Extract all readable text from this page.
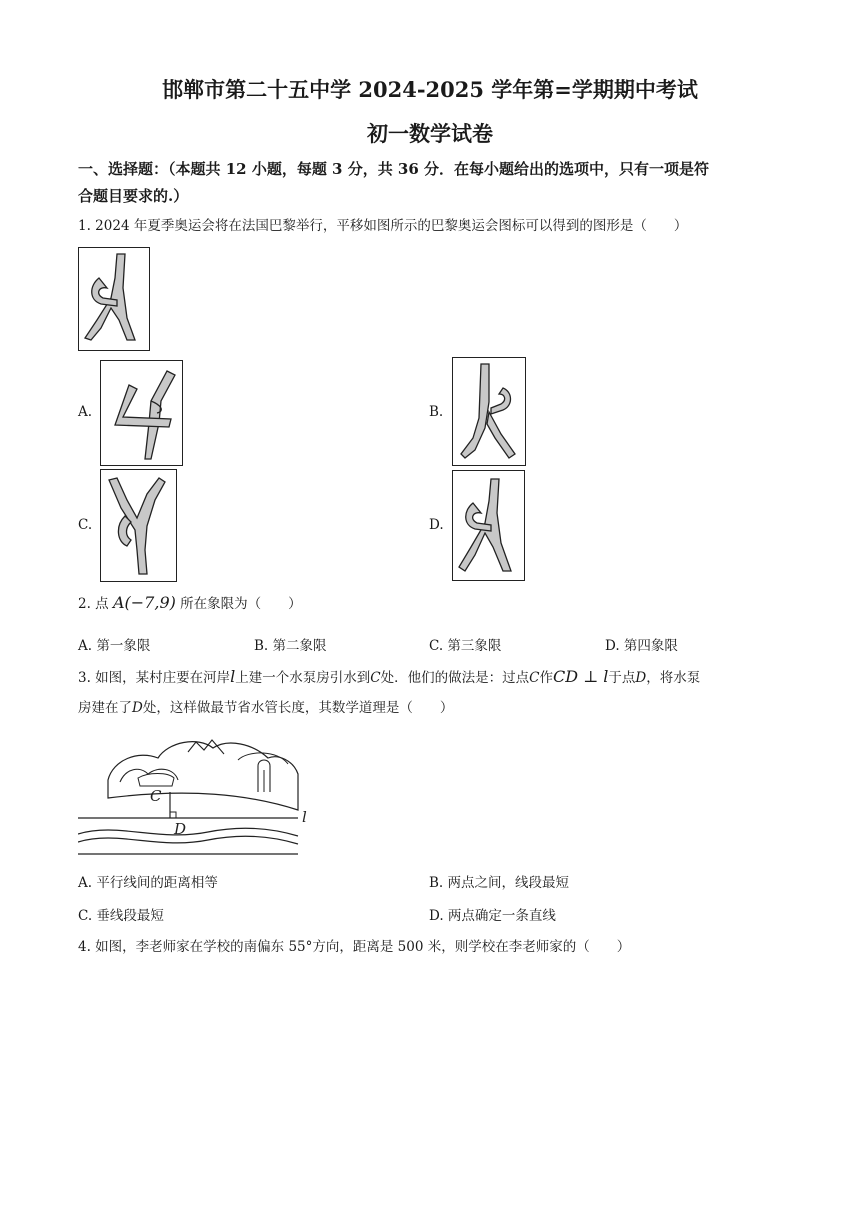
邯郸市第二十五中学 2024-2025 学年第=学期期中考试
初一数学试卷
一、选择题：（本题共 12 小题，每题 3 分，共 36 分．在每小题给出的选项中，只有一项是符
合题目要求的.）
1. 2024 年夏季奥运会将在法国巴黎举行，平移如图所示的巴黎奥运会图标可以得到的图形是（　　）
A.	B.
C.	D.
2. 点 A(−7,9) 所在象限为（　　）
A. 第一象限	B. 第二象限	C. 第三象限	D. 第四象限
3. 如图，某村庄要在河岸l上建一个水泵房引水到C处．他们的做法是：过点C作CD ⊥ l于点D，将水泵
房建在了D处，这样做最节省水管长度，其数学道理是（　　）
C
D
l
A. 平行线间的距离相等	B. 两点之间，线段最短
C. 垂线段最短	D. 两点确定一条直线
4. 如图，李老师家在学校的南偏东 55°方向，距离是 500 米，则学校在李老师家的（　　）
